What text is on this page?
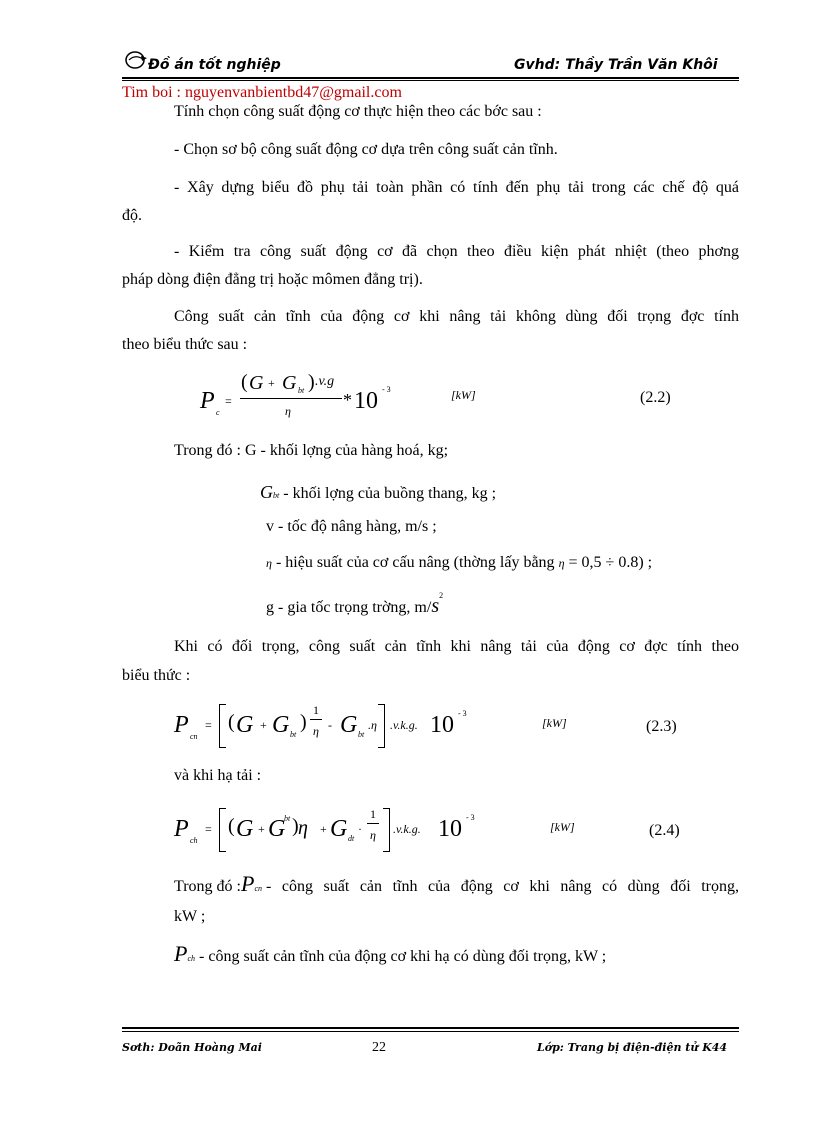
Đồ án tốt nghiệp	Gvhd: Thầy Trần Văn Khôi
Tim boi : nguyenvanbientbd47@gmail.com
Tính chọn công suất động cơ thực hiện theo các bớc sau :
- Chọn sơ bộ công suất động cơ dựa trên công suất cản tĩnh.
- Xây dựng biểu đồ phụ tải toàn phần có tính đến phụ tải trong các chế độ quá
độ.
- Kiểm tra công suất động cơ đã chọn theo điều kiện phát nhiệt (theo phơng
pháp dòng điện đẳng trị hoặc mômen đẳng trị).
Công suất cản tĩnh của động cơ khi nâng tải không dùng đối trọng đợc tính
theo biểu thức sau :
P c
=
( G + G bt ) .v.g
η
* 10 - 3	[kW]	(2.2)
Trong đó : G - khối lợng của hàng hoá, kg;
Gbt - khối lợng của buồng thang, kg ;
v - tốc độ nâng hàng, m/s ;
η - hiệu suất của cơ cấu nâng (thờng lấy bằng η = 0,5 ÷ 0.8) ;
g - gia tốc trọng trờng, $m/s^2$
Khi có đối trọng, công suất cản tĩnh khi nâng tải của động cơ đợc tính theo
biểu thức :
P cn
= ( G + G bt
)
1
η - G bt
.η .v.k.g. 10 - 3
[kW]	(2.3)
và khi hạ tải :
P ch
= ( G + G
bt ) η + G dt
·
1
η .v.k.g. 10 - 3
[kW]	(2.4)
Trong đó : Pcn - công suất cản tĩnh của động cơ khi nâng có dùng đối trọng,
kW ;
Pch - công suất cản tĩnh của động cơ khi hạ có dùng đối trọng, kW ;
Sơth: Doãn Hoàng Mai	22	Lớp: Trang bị điện-điện tử K44
